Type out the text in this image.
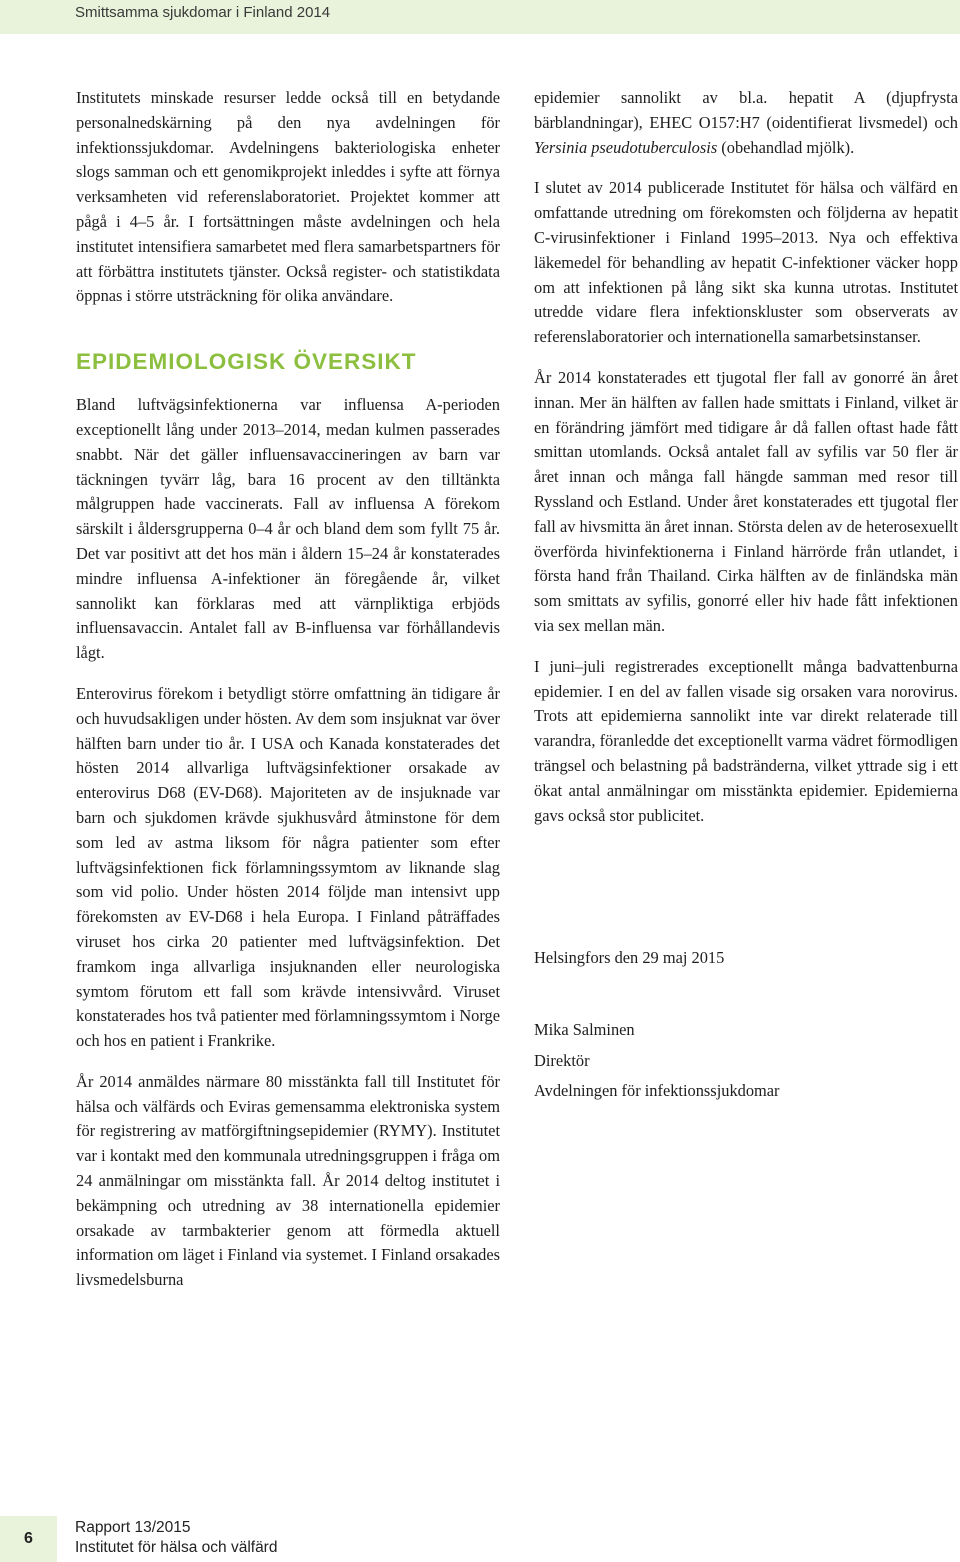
Smittsamma sjukdomar i Finland 2014

Institutets minskade resurser ledde också till en betydande personalnedskärning på den nya avdelningen för infektionssjukdomar. Avdelningens bakteriologiska enheter slogs samman och ett genomikprojekt inleddes i syfte att förnya verksamheten vid referenslaboratoriet. Projektet kommer att pågå i 4–5 år. I fortsättningen måste avdelningen och hela institutet intensifiera samarbetet med flera samarbetspartners för att förbättra institutets tjänster. Också register- och statistikdata öppnas i större utsträckning för olika användare.

EPIDEMIOLOGISK ÖVERSIKT

Bland luftvägsinfektionerna var influensa A-perioden exceptionellt lång under 2013–2014, medan kulmen passerades snabbt. När det gäller influensavaccineringen av barn var täckningen tyvärr låg, bara 16 procent av den tilltänkta målgruppen hade vaccinerats. Fall av influensa A förekom särskilt i åldersgrupperna 0–4 år och bland dem som fyllt 75 år. Det var positivt att det hos män i åldern 15–24 år konstaterades mindre influensa A-infektioner än föregående år, vilket sannolikt kan förklaras med att värnpliktiga erbjöds influensavaccin. Antalet fall av B-influensa var förhållandevis lågt.

Enterovirus förekom i betydligt större omfattning än tidigare år och huvudsakligen under hösten. Av dem som insjuknat var över hälften barn under tio år. I USA och Kanada konstaterades det hösten 2014 allvarliga luftvägsinfektioner orsakade av enterovirus D68 (EV-D68). Majoriteten av de insjuknade var barn och sjukdomen krävde sjukhusvård åtminstone för dem som led av astma liksom för några patienter som efter luftvägsinfektionen fick förlamningssymtom av liknande slag som vid polio. Under hösten 2014 följde man intensivt upp förekomsten av EV-D68 i hela Europa. I Finland påträffades viruset hos cirka 20 patienter med luftvägsinfektion. Det framkom inga allvarliga insjuknanden eller neurologiska symtom förutom ett fall som krävde intensivvård. Viruset konstaterades hos två patienter med förlamningssymtom i Norge och hos en patient i Frankrike.

År 2014 anmäldes närmare 80 misstänkta fall till Institutet för hälsa och välfärds och Eviras gemensamma elektroniska system för registrering av matförgiftningsepidemier (RYMY). Institutet var i kontakt med den kommunala utredningsgruppen i fråga om 24 anmälningar om misstänkta fall. År 2014 deltog institutet i bekämpning och utredning av 38 internationella epidemier orsakade av tarmbakterier genom att förmedla aktuell information om läget i Finland via systemet. I Finland orsakades livsmedelsburna

epidemier sannolikt av bl.a. hepatit A (djupfrysta bärblandningar), EHEC O157:H7 (oidentifierat livsmedel) och Yersinia pseudotuberculosis (obehandlad mjölk).

I slutet av 2014 publicerade Institutet för hälsa och välfärd en omfattande utredning om förekomsten och följderna av hepatit C-virusinfektioner i Finland 1995–2013. Nya och effektiva läkemedel för behandling av hepatit C-infektioner väcker hopp om att infektionen på lång sikt ska kunna utrotas. Institutet utredde vidare flera infektionskluster som observerats av referenslaboratorier och internationella samarbetsinstanser.

År 2014 konstaterades ett tjugotal fler fall av gonorré än året innan. Mer än hälften av fallen hade smittats i Finland, vilket är en förändring jämfört med tidigare år då fallen oftast hade fått smittan utomlands. Också antalet fall av syfilis var 50 fler är året innan och många fall hängde samman med resor till Ryssland och Estland. Under året konstaterades ett tjugotal fler fall av hivsmitta än året innan. Största delen av de heterosexuellt överförda hivinfektionerna i Finland härrörde från utlandet, i första hand från Thailand. Cirka hälften av de finländska män som smittats av syfilis, gonorré eller hiv hade fått infektionen via sex mellan män.

I juni–juli registrerades exceptionellt många badvattenburna epidemier. I en del av fallen visade sig orsaken vara norovirus. Trots att epidemierna sannolikt inte var direkt relaterade till varandra, föranledde det exceptionellt varma vädret förmodligen trängsel och belastning på badstränderna, vilket yttrade sig i ett ökat antal anmälningar om misstänkta epidemier. Epidemierna gavs också stor publicitet.

Helsingfors den 29 maj 2015

Mika Salminen
Direktör
Avdelningen för infektionssjukdomar

6
Rapport 13/2015
Institutet för hälsa och välfärd
